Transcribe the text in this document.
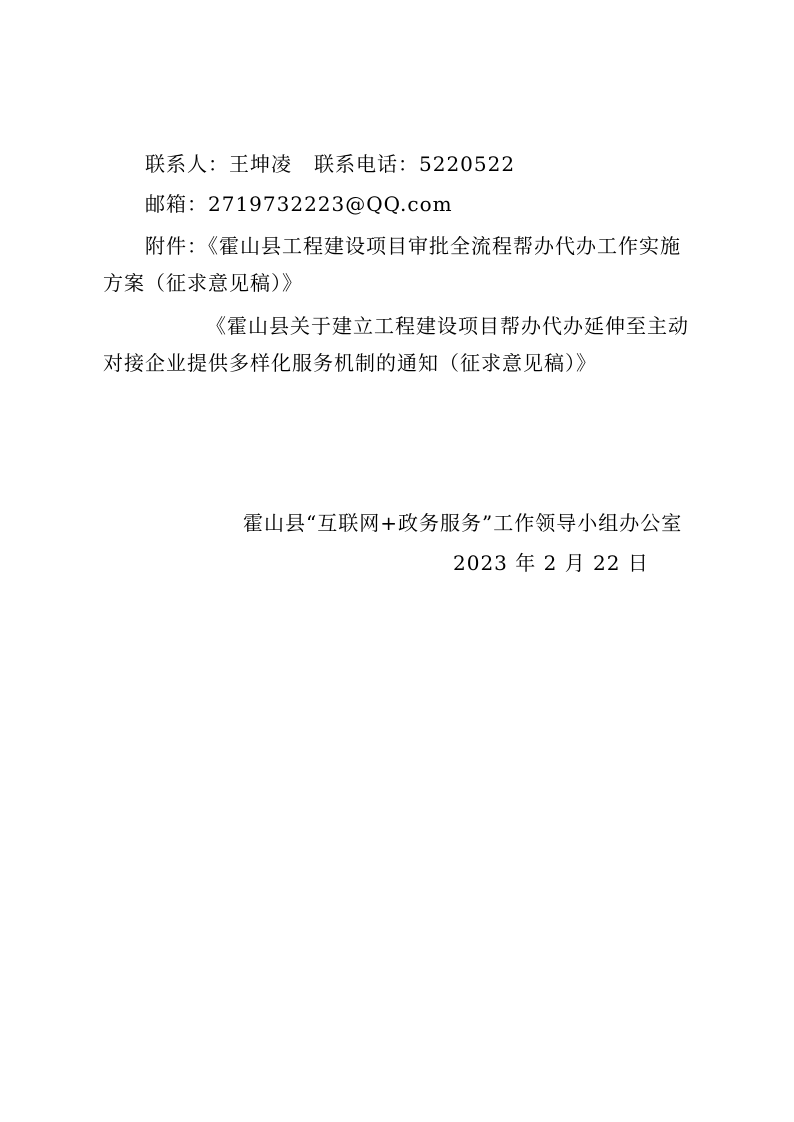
联系人：王坤凌 联系电话：5220522
邮箱：2719732223@QQ.com
附件：《霍山县工程建设项目审批全流程帮办代办工作实施
方案（征求意见稿）》
《霍山县关于建立工程建设项目帮办代办延伸至主动
对接企业提供多样化服务机制的通知（征求意见稿）》
霍山县“互联网+政务服务”工作领导小组办公室
2023 年 2 月 22 日
